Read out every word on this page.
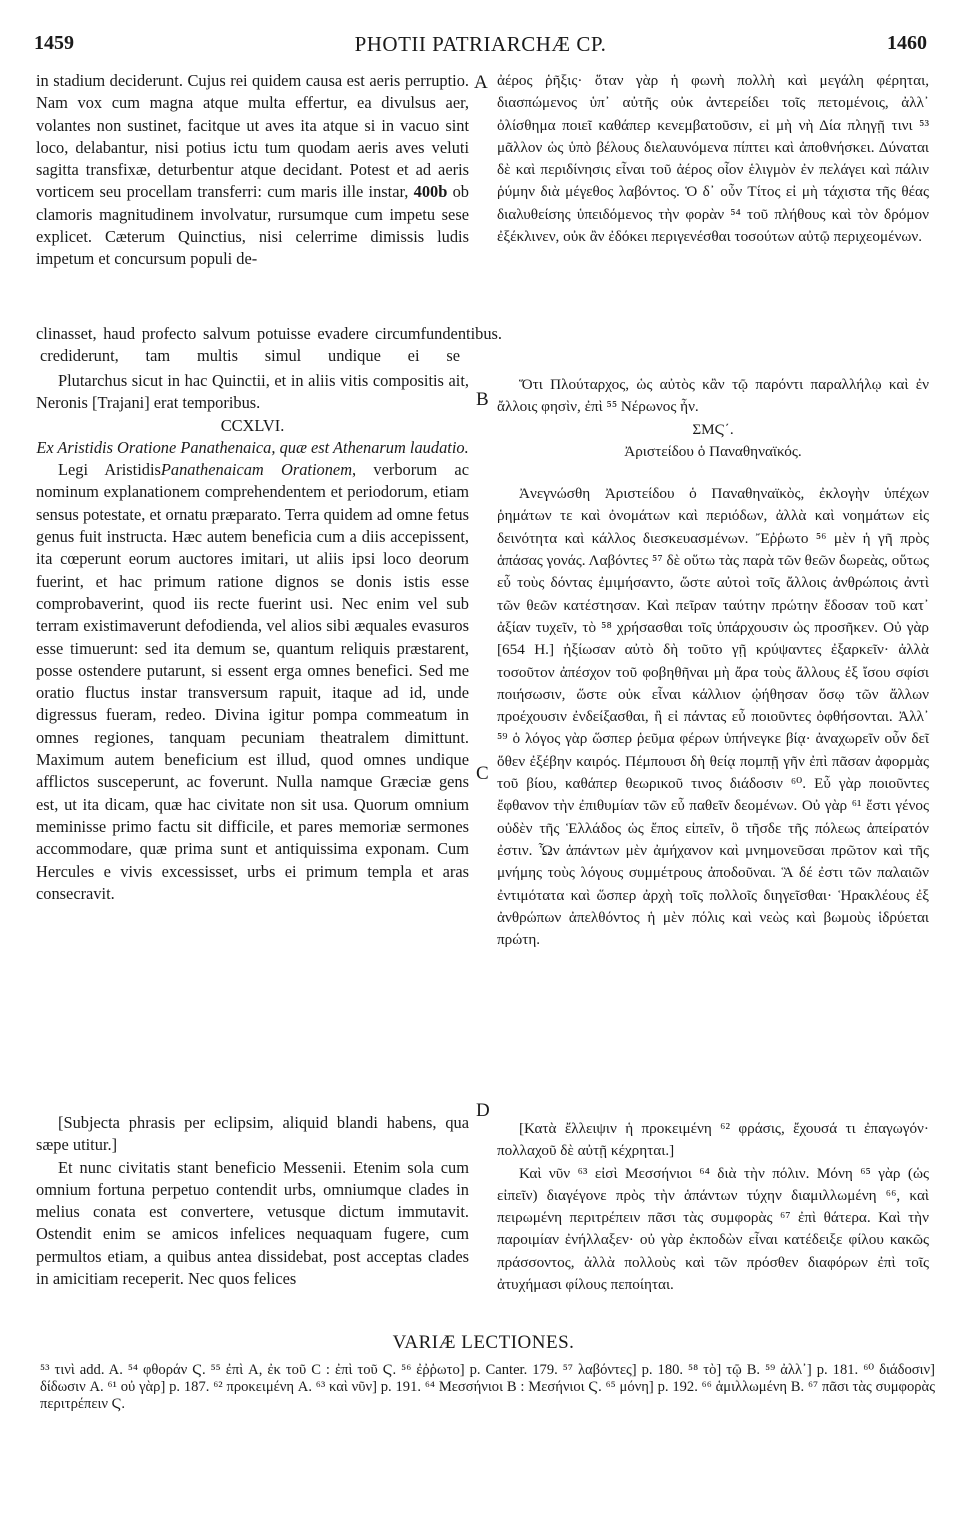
1459	PHOTII PATRIARCHÆ CP.	1460

in stadium deciderunt. Cujus rei quidem causa est aeris perruptio. Nam vox cum magna atque multa effertur, ea divulsus aer, volantes non sustinet, facitque ut aves ita atque si in vacuo sint loco, delabantur, nisi potius ictu tum quodam aeris aves veluti sagitta transfixæ, deturbentur atque decidant. Potest et ad aeris vorticem seu procellam transferri: cum maris ille instar, 400b ob clamoris magnitudinem involvatur, rursumque cum impetu sese explicet. Cæterum Quinctius, nisi celerrime dimissis ludis impetum et concursum populi de-

ἀέρος ῥῆξις· ὅταν γὰρ ἡ φωνὴ πολλὴ καὶ μεγάλη φέρηται, διασπώμενος ὑπ᾽ αὐτῆς οὐκ ἀντερείδει τοῖς πετομένοις, ἀλλ᾽ ὀλίσθημα ποιεῖ καθάπερ κενεμβατοῦσιν, εἰ μὴ νὴ Δία πληγῇ τινι ⁵³ μᾶλλον ὡς ὑπὸ βέλους διελαυνόμενα πίπτει καὶ ἀποθνήσκει. Δύναται δὲ καὶ περιδίνησις εἶναι τοῦ ἀέρος οἷον ἑλιγμὸν ἐν πελάγει καὶ πάλιν ῥύμην διὰ μέγεθος λαβόντος. Ὁ δ᾽ οὖν Τίτος εἰ μὴ τάχιστα τῆς θέας διαλυθείσης ὑπειδόμενος τὴν φορὰν ⁵⁴ τοῦ πλήθους καὶ τὸν δρόμον ἐξέκλινεν, οὐκ ἂν ἐδόκει περιγενέσθαι τοσούτων αὐτῷ περιχεομένων.

A
clinasset, haud profecto salvum potuisse evadere circumfundentibus. crediderunt, tam multis simul undique ei se

Plutarchus sicut in hac Quinctii, et in aliis vitis compositis ait, Neronis [Trajani] erat temporibus.

CCXLVI.

Ex Aristidis Oratione Panathenaica, quæ est Athenarum laudatio.

Legi AristidisPanathenaicam Orationem, verborum ac nominum explanationem comprehendentem et periodorum, etiam sensus potestate, et ornatu præparato. Terra quidem ad omne fetus genus fuit instructa. Hæc autem beneficia cum a diis accepissent, ita cœperunt eorum auctores imitari, ut aliis ipsi loco deorum fuerint, et hac primum ratione dignos se donis istis esse comprobaverint, quod iis recte fuerint usi. Nec enim vel sub terram existimaverunt defodienda, vel alios sibi æquales evasuros esse timuerunt: sed ita demum se, quantum reliquis præstarent, posse ostendere putarunt, si essent erga omnes benefici. Sed me oratio fluctus instar transversum rapuit, itaque ad id, unde digressus fueram, redeo. Divina igitur pompa commeatum in omnes regiones, tanquam pecuniam theatralem dimittunt. Maximum autem beneficium est illud, quod omnes undique afflictos susceperunt, ac foverunt. Nulla namque Græciæ gens est, ut ita dicam, quæ hac civitate non sit usa. Quorum omnium meminisse primo factu sit difficile, et pares memoriæ sermones accommodare, quæ prima sunt et antiquissima exponam. Cum Hercules e vivis excessisset, urbs ei primum templa et aras consecravit.

Ὅτι Πλούταρχος, ὡς αὐτὸς κἂν τῷ παρόντι παραλλήλῳ καὶ ἐν ἄλλοις φησὶν, ἐπὶ ⁵⁵ Νέρωνος ἦν.

ΣΜϚ΄.

Ἀριστείδου ὁ Παναθηναϊκός.

Ἀνεγνώσθη Ἀριστείδου ὁ Παναθηναϊκὸς, ἐκλογὴν ὑπέχων ῥημάτων τε καὶ ὀνομάτων καὶ περιόδων, ἀλλὰ καὶ νοημάτων εἰς δεινότητα καὶ κάλλος διεσκευασμένων. Ἔῤῥωτο ⁵⁶ μὲν ἡ γῆ πρὸς ἁπάσας γονάς. Λαβόντες ⁵⁷ δὲ οὕτω τὰς παρὰ τῶν θεῶν δωρεὰς, οὕτως εὖ τοὺς δόντας ἐμιμήσαντο, ὥστε αὐτοὶ τοῖς ἄλλοις ἀνθρώποις ἀντὶ τῶν θεῶν κατέστησαν. Καὶ πεῖραν ταύτην πρώτην ἔδοσαν τοῦ κατ᾽ ἀξίαν τυχεῖν, τὸ ⁵⁸ χρήσασθαι τοῖς ὑπάρχουσιν ὡς προσῆκεν. Οὐ γὰρ [654 H.] ἠξίωσαν αὐτὸ δὴ τοῦτο γῇ κρύψαντες ἐξαρκεῖν· ἀλλὰ τοσοῦτον ἀπέσχον τοῦ φοβηθῆναι μὴ ἄρα τοὺς ἄλλους ἐξ ἴσου σφίσι ποιήσωσιν, ὥστε οὐκ εἶναι κάλλιον ᾠήθησαν ὅσῳ τῶν ἄλλων προέχουσιν ἐνδείξασθαι, ἢ εἰ πάντας εὖ ποιοῦντες ὀφθήσονται. Ἀλλ᾽ ⁵⁹ ὁ λόγος γὰρ ὥσπερ ῥεῦμα φέρων ὑπήνεγκε βίᾳ· ἀναχωρεῖν οὖν δεῖ ὅθεν ἐξέβην καιρός. Πέμπουσι δὴ θείᾳ πομπῇ γῆν ἐπὶ πᾶσαν ἀφορμὰς τοῦ βίου, καθάπερ θεωρικοῦ τινος διάδοσιν ⁶⁰. Εὖ γὰρ ποιοῦντες ἔφθανον τὴν ἐπιθυμίαν τῶν εὖ παθεῖν δεομένων. Οὐ γὰρ ⁶¹ ἔστι γένος οὐδὲν τῆς Ἑλλάδος ὡς ἔπος εἰπεῖν, ὃ τῆσδε τῆς πόλεως ἀπείρατόν ἐστιν. Ὧν ἁπάντων μὲν ἀμήχανον καὶ μνημονεῦσαι πρῶτον καὶ τῆς μνήμης τοὺς λόγους συμμέτρους ἀποδοῦναι. Ἃ δέ ἐστι τῶν παλαιῶν ἐντιμότατα καὶ ὥσπερ ἀρχὴ τοῖς πολλοῖς διηγεῖσθαι· Ἡρακλέους ἐξ ἀνθρώπων ἀπελθόντος ἡ μὲν πόλις καὶ νεὼς καὶ βωμοὺς ἱδρύεται πρώτη.

B
C

[Subjecta phrasis per eclipsim, aliquid blandi habens, qua sæpe utitur.]

Et nunc civitatis stant beneficio Messenii. Etenim sola cum omnium fortuna perpetuo contendit urbs, omniumque clades in melius conata est convertere, vetusque dictum immutavit. Ostendit enim se amicos infelices nequaquam fugere, cum permultos etiam, a quibus antea dissidebat, post acceptas clades in amicitiam receperit. Nec quos felices

[Κατὰ ἔλλειψιν ἡ προκειμένη ⁶² φράσις, ἔχουσά τι ἐπαγωγόν· πολλαχοῦ δὲ αὐτῇ κέχρηται.]

Καὶ νῦν ⁶³ εἰσὶ Μεσσήνιοι ⁶⁴ διὰ τὴν πόλιν. Μόνη ⁶⁵ γὰρ (ὡς εἰπεῖν) διαγέγονε πρὸς τὴν ἁπάντων τύχην διαμιλλωμένη ⁶⁶, καὶ πειρωμένη περιτρέπειν πᾶσι τὰς συμφορὰς ⁶⁷ ἐπὶ θάτερα. Καὶ τὴν παροιμίαν ἐνήλλαξεν· οὐ γὰρ ἐκποδὼν εἶναι κατέδειξε φίλου κακῶς πράσσοντος, ἀλλὰ πολλοὺς καὶ τῶν πρόσθεν διαφόρων ἐπὶ τοῖς ἀτυχήμασι φίλους πεποίηται.

D
VARIÆ LECTIONES.

⁵³ τινὶ add. A. ⁵⁴ φθοράν Ϛ. ⁵⁵ ἐπὶ A, ἐκ τοῦ C : ἐπὶ τοῦ Ϛ. ⁵⁶ ἐῤῥωτο] p. Canter. 179. ⁵⁷ λαβόντες] p. 180. ⁵⁸ τὸ] τῷ B. ⁵⁹ ἀλλ᾽] p. 181. ⁶⁰ διάδοσιν] δίδωσιν A. ⁶¹ οὐ γὰρ] p. 187. ⁶² προκειμένη A. ⁶³ καὶ νῦν] p. 191. ⁶⁴ Μεσσήνιοι B : Μεσήνιοι Ϛ. ⁶⁵ μόνη] p. 192. ⁶⁶ ἁμιλλωμένη B. ⁶⁷ πᾶσι τὰς συμφορὰς περιτρέπειν Ϛ.
